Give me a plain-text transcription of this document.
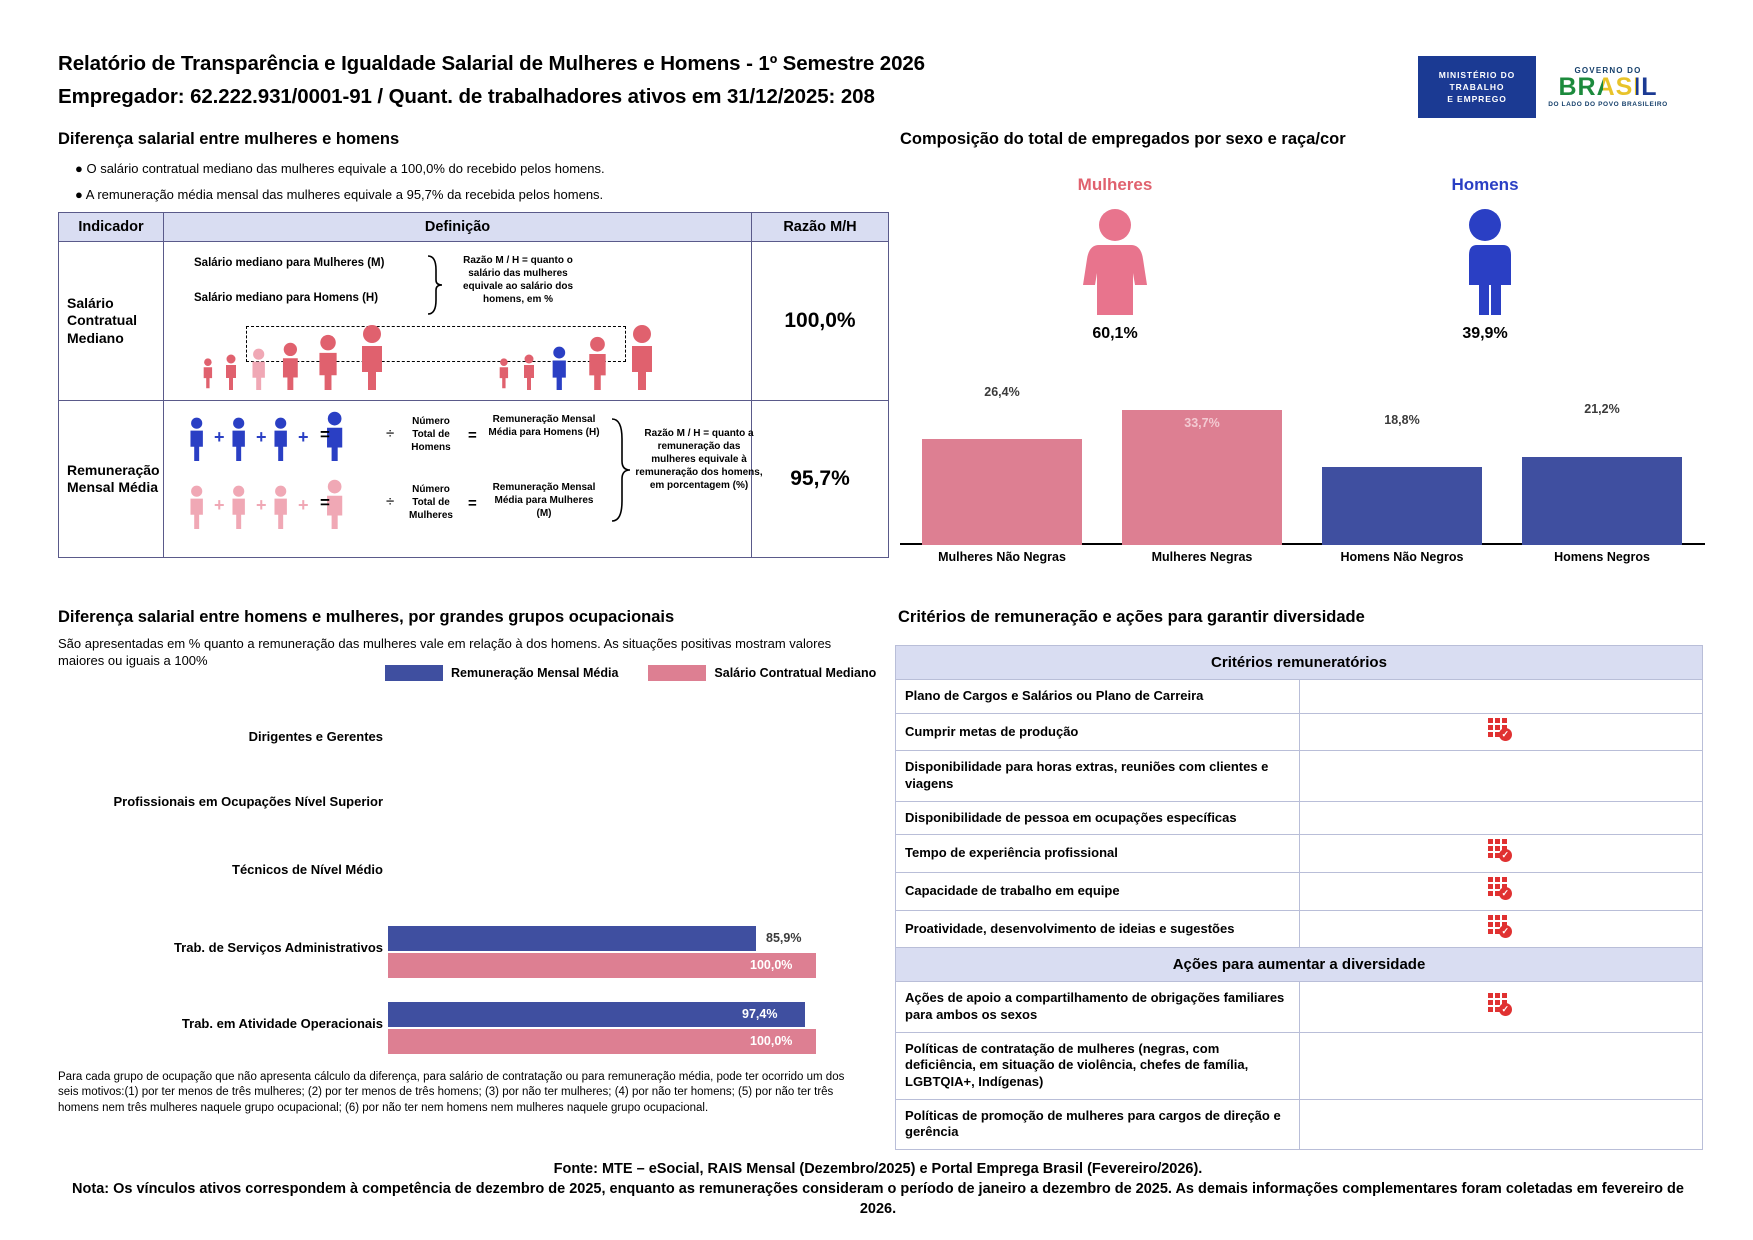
Relatório de Transparência e Igualdade Salarial de Mulheres e Homens - 1º Semestre 2026
Empregador: 62.222.931/0001-91 / Quant. de trabalhadores ativos em 31/12/2025: 208
MINISTÉRIO DO
TRABALHO
E EMPREGO
GOVERNO DO
BRASIL
DO LADO DO POVO BRASILEIRO
Diferença salarial entre mulheres e homens
● O salário contratual mediano das mulheres equivale a 100,0% do recebido pelos homens.
● A remuneração média mensal das mulheres equivale a 95,7% da recebida pelos homens.
Indicador	Definição	Razão M/H
Salário Contratual Mediano	Salário mediano para Mulheres (M)
Salário mediano para Homens (H)
Razão M / H = quanto o salário das mulheres equivale ao salário dos homens, em %	100,0%
Remuneração Mensal Média	
+ + + =	÷
Número Total de Homens
=
Remuneração Mensal Média para Homens (H)
+ + + =	÷
Número Total de Mulheres
=
Remuneração Mensal Média para Mulheres (M)
Razão M / H = quanto a remuneração das mulheres equivale à remuneração dos homens, em porcentagem (%)	95,7%
Composição do total de empregados por sexo e raça/cor
Mulheres
60,1%
Homens
39,9%
26,4%
Mulheres Não Negras
33,7%
Mulheres Negras
18,8%
Homens Não Negros
21,2%
Homens Negros
Diferença salarial entre homens e mulheres, por grandes grupos ocupacionais
São apresentadas em % quanto a remuneração das mulheres vale em relação à dos homens. As situações positivas mostram valores maiores ou iguais a 100%
Remuneração Mensal Média	Salário Contratual Mediano
Dirigentes e Gerentes
Profissionais em Ocupações Nível Superior
Técnicos de Nível Médio
Trab. de Serviços Administrativos
85,9%
100,0%
Trab. em Atividade Operacionais
97,4%
100,0%
Para cada grupo de ocupação que não apresenta cálculo da diferença, para salário de contratação ou para remuneração média, pode ter ocorrido um dos seis motivos:(1) por ter menos de três mulheres; (2) por ter menos de três homens; (3) por não ter mulheres; (4) por não ter homens; (5) por não ter três homens nem três mulheres naquele grupo ocupacional; (6) por não ter nem homens nem mulheres naquele grupo ocupacional.
Critérios de remuneração e ações para garantir diversidade
Critérios remuneratórios	
Plano de Cargos e Salários ou Plano de Carreira	
Cumprir metas de produção	✓

Disponibilidade para horas extras, reuniões com clientes e viagens	
Disponibilidade de pessoa em ocupações específicas	
Tempo de experiência profissional	✓

Capacidade de trabalho em equipe	✓

Proatividade, desenvolvimento de ideias e sugestões	✓

Ações para aumentar a diversidade	
Ações de apoio a compartilhamento de obrigações familiares para ambos os sexos	✓

Políticas de contratação de mulheres (negras, com deficiência, em situação de violência, chefes de família, LGBTQIA+, Indígenas)	
Políticas de promoção de mulheres para cargos de direção e gerência	
Fonte: MTE – eSocial, RAIS Mensal (Dezembro/2025) e Portal Emprega Brasil (Fevereiro/2026).
Nota: Os vínculos ativos correspondem à competência de dezembro de 2025, enquanto as remunerações consideram o período de janeiro a dezembro de 2025. As demais informações complementares foram coletadas em fevereiro de 2026.
